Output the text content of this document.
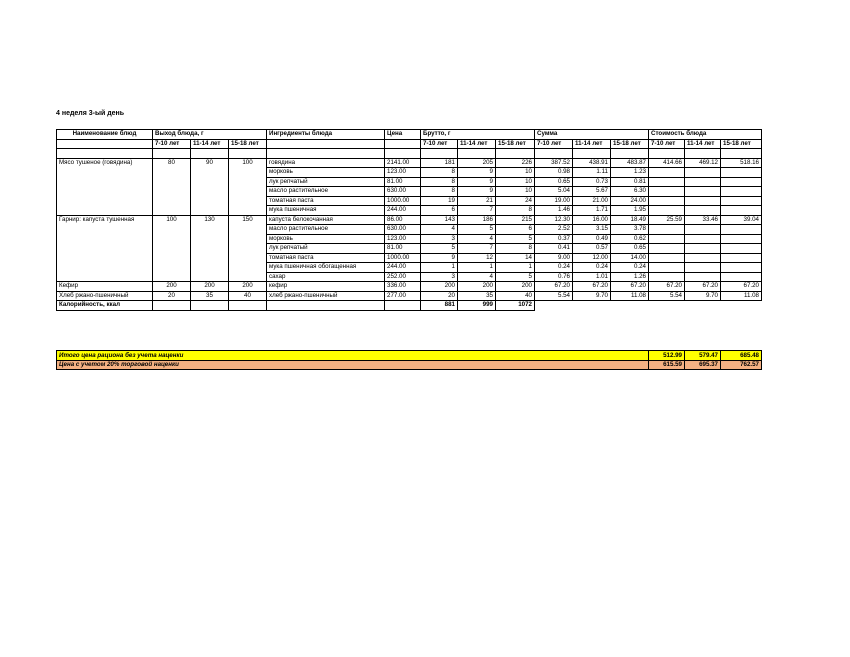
4 неделя 3-ый день
Наименование блюд	Выход блюда, г			Ингредиенты блюда	Цена	Брутто, г			Сумма			Стоимость блюда		
	7-10 лет	11-14 лет	15-18 лет			7-10 лет	11-14 лет	15-18 лет	7-10 лет	11-14 лет	15-18 лет	7-10 лет	11-14 лет	15-18 лет

Мясо тушеное (говядина)	80	90	100	говядина	2141.00	181	205	226	387.52	438.91	483.87	414.66	469.12	518.16
				морковь	123.00	8	9	10	0.98	1.11	1.23			
				лук репчатый	81.00	8	9	10	0.65	0.73	0.81			
				масло растительное	630.00	8	9	10	5.04	5.67	6.30			
				томатная паста	1000.00	19	21	24	19.00	21.00	24.00			
				мука пшеничная	244.00	6	7	8	1.46	1.71	1.95			
Гарнир: капуста тушенная	100	130	150	капуста белокочанная	86.00	143	186	215	12.30	16.00	18.49	25.59	33.46	39.04
				масло растительное	630.00	4	5	6	2.52	3.15	3.78			
				морковь	123.00	3	4	5	0.37	0.49	0.62			
				лук репчатый	81.00	5	7	8	0.41	0.57	0.65			
				томатная паста	1000.00	9	12	14	9.00	12.00	14.00			
				мука пшеничная обогащенная	244.00	1	1	1	0.24	0.24	0.24			
				сахар	252.00	3	4	5	0.76	1.01	1.26			
Кефир	200	200	200	кефир	336.00	200	200	200	67.20	67.20	67.20	67.20	67.20	67.20
Хлеб ржано-пшеничный	20	35	40	хлеб ржано-пшеничный	277.00	20	35	40	5.54	9.70	11.08	5.54	9.70	11.08
Калорийность, ккал						881	999	1072						
Итого цена рациона без учета наценки	512.99	579.47	685.48
Цена с учетом 20% торговой наценки	615.59	695.37	762.57
